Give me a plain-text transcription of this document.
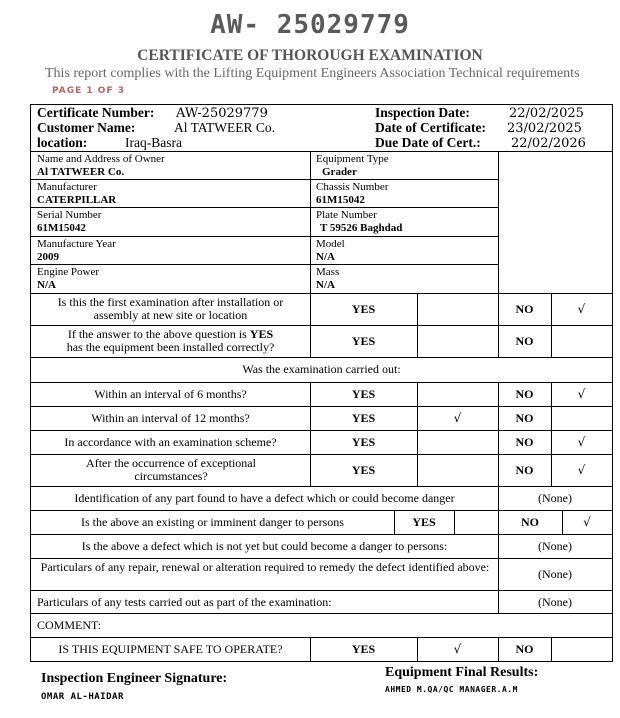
AW- 25029779
CERTIFICATE OF THOROUGH EXAMINATION
This report complies with the Lifting Equipment Engineers Association Technical requirements
PAGE 1 OF 3
Certificate Number: AW-25029779
Customer Name:	Al TATWEER Co.
location:	Iraq-Basra
Inspection Date:	22/02/2025
Date of Certificate: 23/02/2025
Due Date of Cert.: 22/02/2026
Name and Address of Owner
Al TATWEER Co.
Equipment Type
Grader
Manufacturer
CATERPILLAR
Chassis Number
61M15042
Serial Number
61M15042
Plate Number
T 59526 Baghdad
Manufacture Year
2009
Model
N/A
Engine Power
N/A
Mass
N/A
Is this the first examination after installation or assembly at new site or location	YES	NO	√
If the answer to the above question is YES
has the equipment been installed correctly?	YES	NO
Was the examination carried out:
Within an interval of 6 months?	YES	NO	√
Within an interval of 12 months?	YES	√	NO
In accordance with an examination scheme?	YES	NO	√
After the occurrence of exceptional circumstances?	YES	NO	√
Identification of any part found to have a defect which or could become danger	(None)
Is the above an existing or imminent danger to persons	YES	NO	√
Is the above a defect which is not yet but could become a danger to persons:	(None)
Particulars of any repair, renewal or alteration required to remedy the defect identified above:	(None)
Particulars of any tests carried out as part of the examination:	(None)
COMMENT:
IS THIS EQUIPMENT SAFE TO OPERATE?	YES	√	NO
Inspection Engineer Signature:
OMAR AL-HAIDAR
Equipment Final Results:
AHMED M.QA/QC MANAGER.A.M
